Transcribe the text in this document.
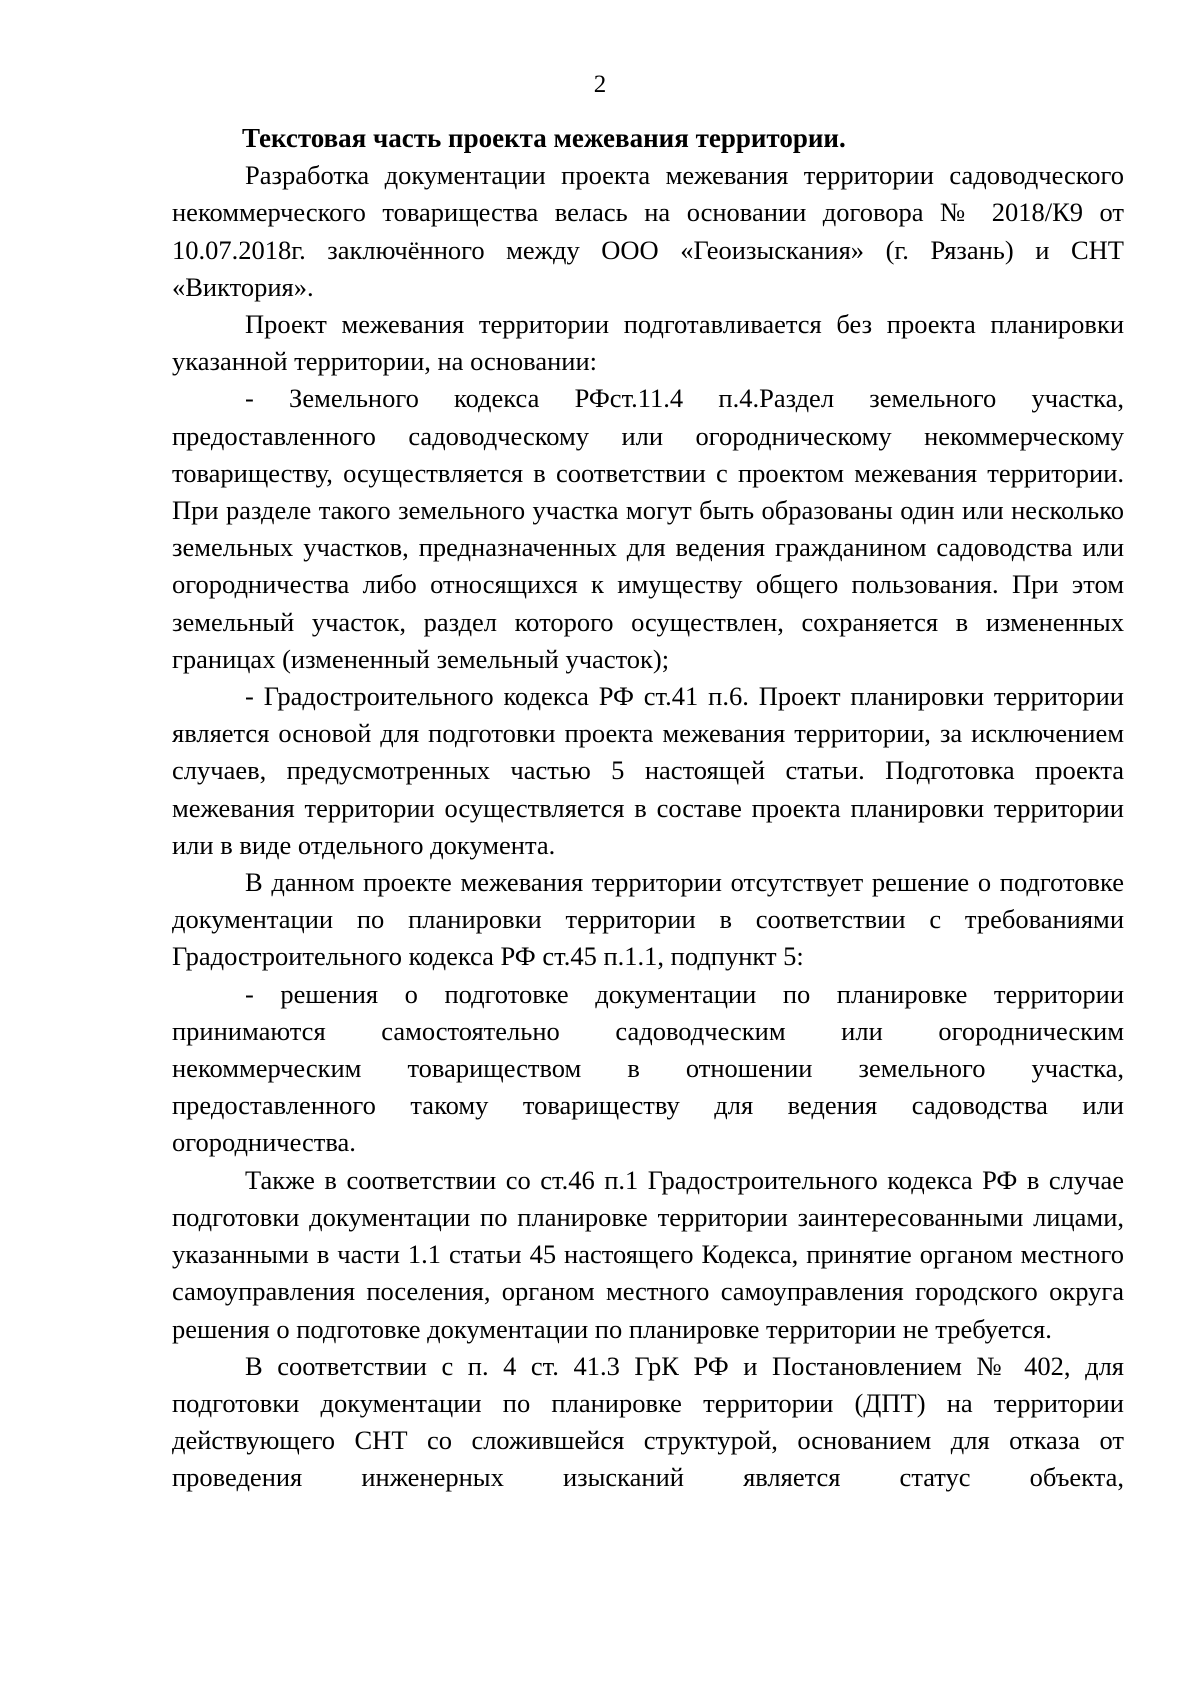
2

Текстовая часть проекта межевания территории.

Разработка документации проекта межевания территории садоводческого некоммерческого товарищества велась на основании договора № 2018/К9 от 10.07.2018г. заключённого между ООО «Геоизыскания» (г. Рязань) и СНТ «Виктория».

Проект межевания территории подготавливается без проекта планировки указанной территории, на основании:

- Земельного кодекса РФст.11.4 п.4.Раздел земельного участка, предоставленного садоводческому или огородническому некоммерческому товариществу, осуществляется в соответствии с проектом межевания территории. При разделе такого земельного участка могут быть образованы один или несколько земельных участков, предназначенных для ведения гражданином садоводства или огородничества либо относящихся к имуществу общего пользования. При этом земельный участок, раздел которого осуществлен, сохраняется в измененных границах (измененный земельный участок);

- Градостроительного кодекса РФ ст.41 п.6. Проект планировки территории является основой для подготовки проекта межевания территории, за исключением случаев, предусмотренных частью 5 настоящей статьи. Подготовка проекта межевания территории осуществляется в составе проекта планировки территории или в виде отдельного документа.

В данном проекте межевания территории отсутствует решение о подготовке документации по планировки территории в соответствии с требованиями Градостроительного кодекса РФ ст.45 п.1.1, подпункт 5:

- решения о подготовке документации по планировке территории принимаются самостоятельно садоводческим или огородническим некоммерческим товариществом в отношении земельного участка, предоставленного такому товариществу для ведения садоводства или огородничества.

Также в соответствии со ст.46 п.1 Градостроительного кодекса РФ в случае подготовки документации по планировке территории заинтересованными лицами, указанными в части 1.1 статьи 45 настоящего Кодекса, принятие органом местного самоуправления поселения, органом местного самоуправления городского округа решения о подготовке документации по планировке территории не требуется.

В соответствии с п. 4 ст. 41.3 ГрК РФ и Постановлением № 402, для подготовки документации по планировке территории (ДПТ) на территории действующего СНТ со сложившейся структурой, основанием для отказа от проведения инженерных изысканий является статус объекта,
